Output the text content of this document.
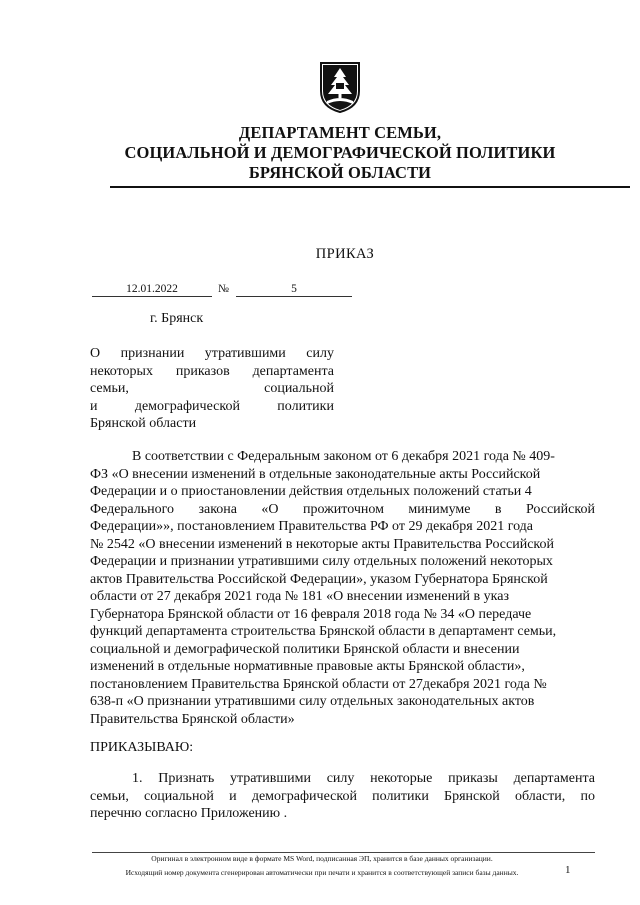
ДЕПАРТАМЕНТ СЕМЬИ,
СОЦИАЛЬНОЙ И ДЕМОГРАФИЧЕСКОЙ ПОЛИТИКИ
БРЯНСКОЙ ОБЛАСТИ
ПРИКАЗ
12.01.2022	№	5
г. Брянск
О признании утратившими силу
некоторых приказов департамента
семьи,	социальной
и	демографической	политики
Брянской области
В соответствии с Федеральным законом от 6 декабря 2021 года № 409-
ФЗ «О внесении изменений в отдельные законодательные акты Российской
Федерации и о приостановлении действия отдельных положений статьи 4
Федерального закона «О прожиточном минимуме в Российской
Федерации»», постановлением Правительства РФ от 29 декабря 2021 года
№ 2542 «О внесении изменений в некоторые акты Правительства Российской
Федерации и признании утратившими силу отдельных положений некоторых
актов Правительства Российской Федерации», указом Губернатора Брянской
области от 27 декабря 2021 года № 181 «О внесении изменений в указ
Губернатора Брянской области от 16 февраля 2018 года № 34 «О передаче
функций департамента строительства Брянской области в департамент семьи,
социальной и демографической политики Брянской области и внесении
изменений в отдельные нормативные правовые акты Брянской области»,
постановлением Правительства Брянской области от 27декабря 2021 года №
638-п «О признании утратившими силу отдельных законодательных актов
Правительства Брянской области»
ПРИКАЗЫВАЮ:
1. Признать утратившими силу некоторые приказы департамента
семьи, социальной и демографической политики Брянской области, по
перечню согласно Приложению .
Оригинал в электронном виде в формате MS Word, подписанная ЭП, хранится в базе данных организации.
Исходящий номер документа сгенерирован автоматически при печати и хранится в соответствующей записи базы данных.	1
